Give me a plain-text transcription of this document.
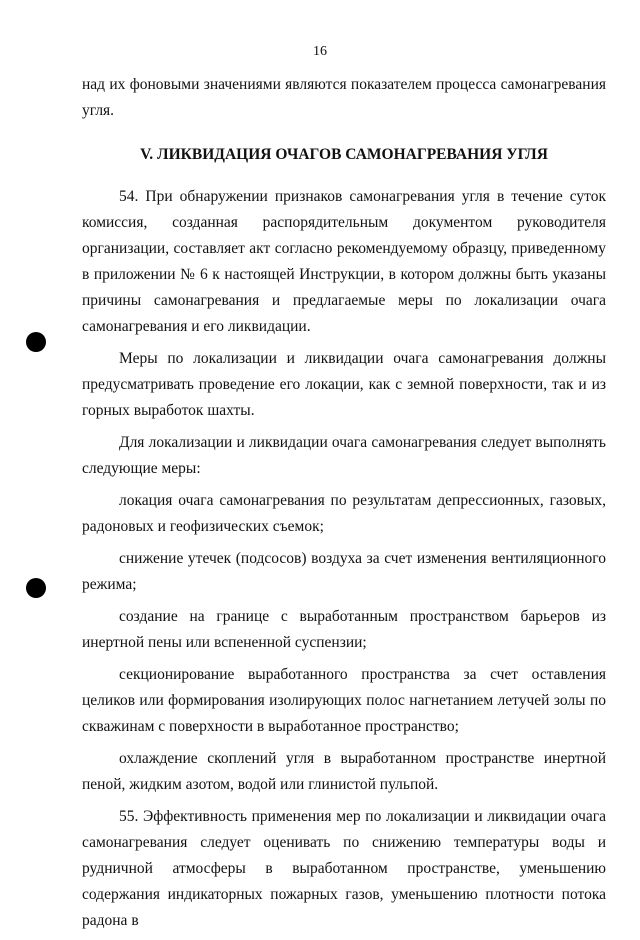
16

над их фоновыми значениями являются показателем процесса самонагревания угля.

V. ЛИКВИДАЦИЯ ОЧАГОВ САМОНАГРЕВАНИЯ УГЛЯ

54. При обнаружении признаков самонагревания угля в течение суток комиссия, созданная распорядительным документом руководителя организации, составляет акт согласно рекомендуемому образцу, приведенному в приложении № 6 к настоящей Инструкции, в котором должны быть указаны причины самонагревания и предлагаемые меры по локализации очага самонагревания и его ликвидации.

Меры по локализации и ликвидации очага самонагревания должны предусматривать проведение его локации, как с земной поверхности, так и из горных выработок шахты.

Для локализации и ликвидации очага самонагревания следует выполнять следующие меры:

локация очага самонагревания по результатам депрессионных, газовых, радоновых и геофизических съемок;

снижение утечек (подсосов) воздуха за счет изменения вентиляционного режима;

создание на границе с выработанным пространством барьеров из инертной пены или вспененной суспензии;

секционирование выработанного пространства за счет оставления целиков или формирования изолирующих полос нагнетанием летучей золы по скважинам с поверхности в выработанное пространство;

охлаждение скоплений угля в выработанном пространстве инертной пеной, жидким азотом, водой или глинистой пульпой.

55. Эффективность применения мер по локализации и ликвидации очага самонагревания следует оценивать по снижению температуры воды и рудничной атмосферы в выработанном пространстве, уменьшению содержания индикаторных пожарных газов, уменьшению плотности потока радона в
